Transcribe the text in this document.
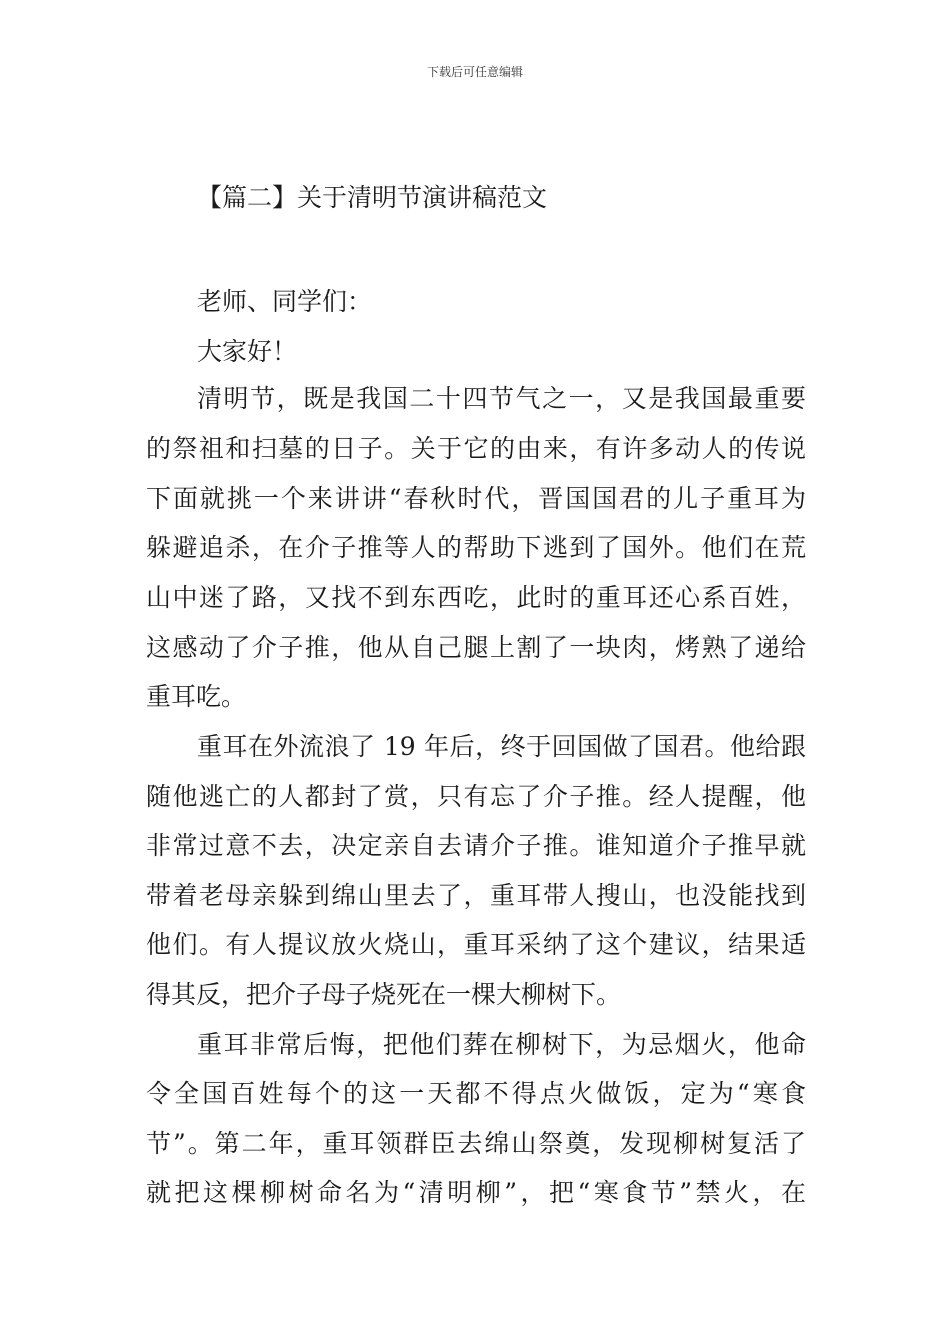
下载后可任意编辑
【篇二】关于清明节演讲稿范文
老师、同学们：
大家好！
清明节，既是我国二十四节气之一，又是我国最重要
的祭祖和扫墓的日子。关于它的由来，有许多动人的传说
下面就挑一个来讲讲“春秋时代，晋国国君的儿子重耳为
躲避追杀，在介子推等人的帮助下逃到了国外。他们在荒
山中迷了路，又找不到东西吃，此时的重耳还心系百姓，
这感动了介子推，他从自己腿上割了一块肉，烤熟了递给
重耳吃。
重耳在外流浪了 19 年后，终于回国做了国君。他给跟
随他逃亡的人都封了赏，只有忘了介子推。经人提醒，他
非常过意不去，决定亲自去请介子推。谁知道介子推早就
带着老母亲躲到绵山里去了，重耳带人搜山，也没能找到
他们。有人提议放火烧山，重耳采纳了这个建议，结果适
得其反，把介子母子烧死在一棵大柳树下。
重耳非常后悔，把他们葬在柳树下，为忌烟火，他命
令全国百姓每个的这一天都不得点火做饭，定为“寒食
节”。第二年，重耳领群臣去绵山祭奠，发现柳树复活了
就把这棵柳树命名为“清明柳”，把“寒食节”禁火，在
